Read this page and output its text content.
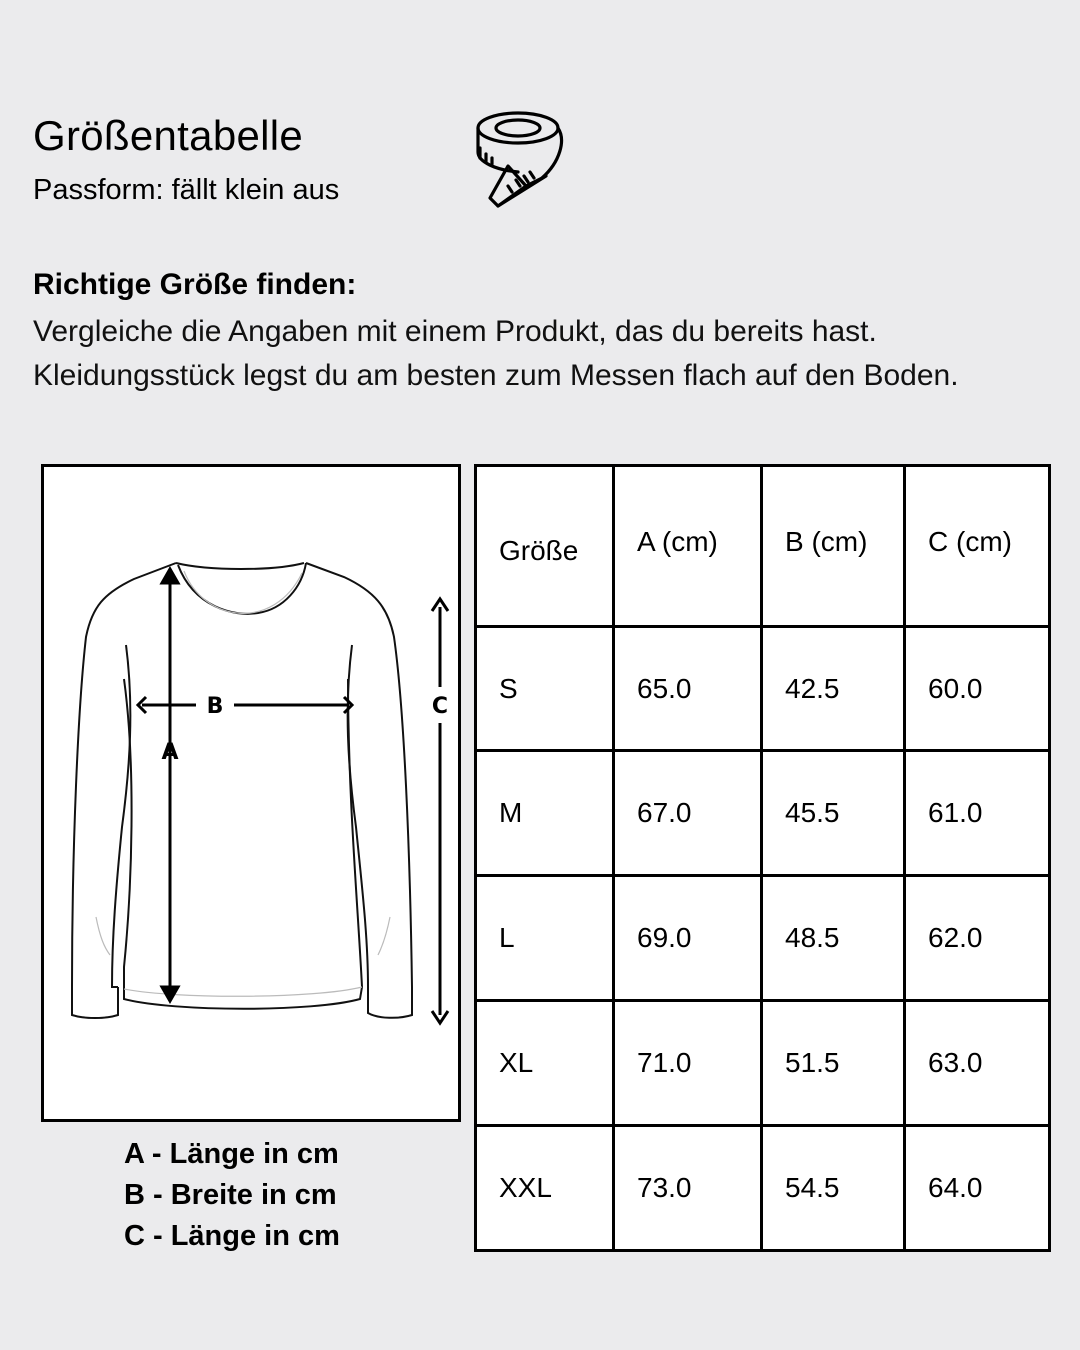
Größentabelle

Passform: fällt klein aus

Richtige Größe finden:

Vergleiche die Angaben mit einem Produkt, das du bereits hast. Kleidungsstück legst du am besten zum Messen flach auf den Boden.

B
A
C
A - Länge in cm
B - Breite in cm
C - Länge in cm
Größe	A (cm)	B (cm)	C (cm)
S	65.0	42.5	60.0
M	67.0	45.5	61.0
L	69.0	48.5	62.0
XL	71.0	51.5	63.0
XXL	73.0	54.5	64.0
